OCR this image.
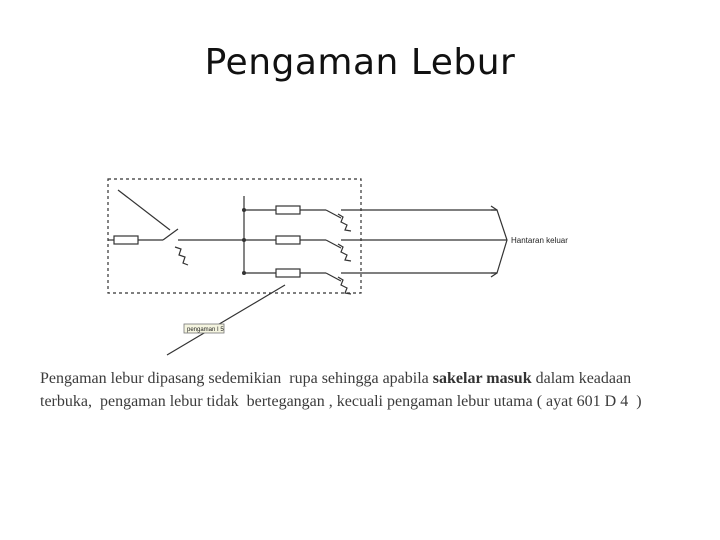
Pengaman Lebur
Hantaran keluar
pengaman I 5
Pengaman lebur dipasang sedemikian  rupa sehingga apabila sakelar masuk dalam keadaan terbuka,  pengaman lebur tidak  bertegangan , kecuali pengaman lebur utama ( ayat 601 D 4  )
